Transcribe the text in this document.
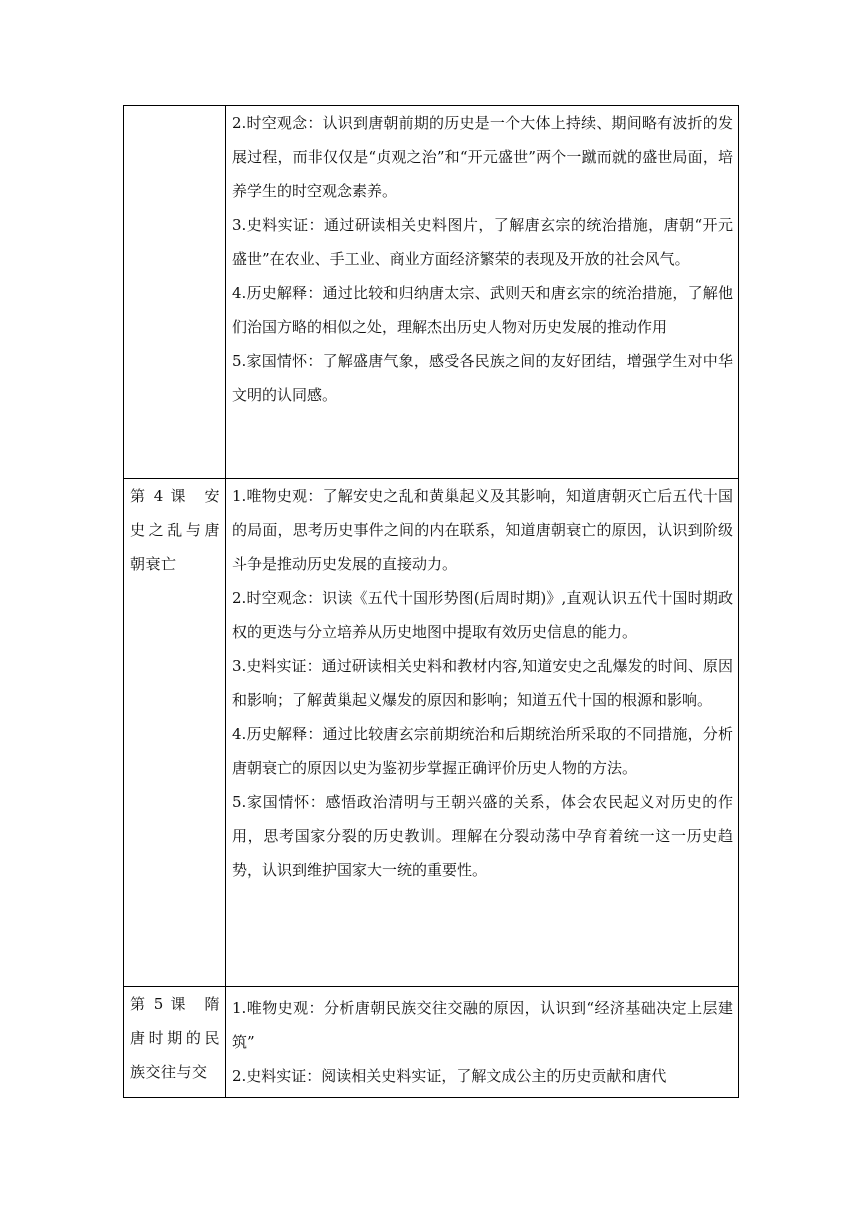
	2.时空观念：认识到唐朝前期的历史是一个大体上持续、期间略有波折的发展过程，而非仅仅是“贞观之治”和“开元盛世”两个一蹴而就的盛世局面，培养学生的时空观念素养。

3.史料实证：通过研读相关史料图片，了解唐玄宗的统治措施，唐朝“开元盛世”在农业、手工业、商业方面经济繁荣的表现及开放的社会风气。

4.历史解释：通过比较和归纳唐太宗、武则天和唐玄宗的统治措施，了解他们治国方略的相似之处，理解杰出历史人物对历史发展的推动作用

5.家国情怀：了解盛唐气象，感受各民族之间的友好团结，增强学生对中华文明的认同感。

第 4 课　安史之乱与唐朝衰亡	1.唯物史观：了解安史之乱和黄巢起义及其影响，知道唐朝灭亡后五代十国的局面，思考历史事件之间的内在联系，知道唐朝衰亡的原因，认识到阶级斗争是推动历史发展的直接动力。

2.时空观念：识读《五代十国形势图(后周时期)》,直观认识五代十国时期政权的更迭与分立培养从历史地图中提取有效历史信息的能力。

3.史料实证：通过研读相关史料和教材内容,知道安史之乱爆发的时间、原因和影响；了解黄巢起义爆发的原因和影响；知道五代十国的根源和影响。

4.历史解释：通过比较唐玄宗前期统治和后期统治所采取的不同措施，分析唐朝衰亡的原因以史为鉴初步掌握正确评价历史人物的方法。

5.家国情怀：感悟政治清明与王朝兴盛的关系，体会农民起义对历史的作用，思考国家分裂的历史教训。理解在分裂动荡中孕育着统一这一历史趋势，认识到维护国家大一统的重要性。

第 5 课　隋唐时期的民族交往与交	1.唯物史观：分析唐朝民族交往交融的原因，认识到“经济基础决定上层建筑”

2.史料实证：阅读相关史料实证，了解文成公主的历史贡献和唐代
